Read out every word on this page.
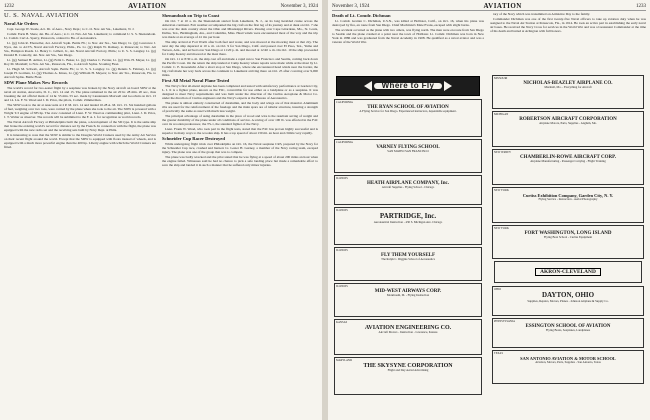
1232	AVIATION	November 3, 1924
U. S. NAVAL AVIATION
Naval Air Orders

Capt. George W. Steele, Act. Dt. of Aero., Navy Dept.; to C. O. Nav. Air Sta., Lakehurst, N. J.

Comdr. Earle B. Shaw, det. Bu. of Aero.; to C. O. Nav. Air Sta. Lakehurst; to command U. S. S. Shenandoah. Lt. Comdr. Carl A. Sperry, Pensacola, ordered to Bu. of Aeronautics.

Lt. (jg) John R. Ebersoller, det. Aircraft Sqdn. Battle Flt.; to Nav. Air Sta., San Diego; Lt. (jg) Lawrence J. Nyce, det. to ACTS, Naval Aircraft Factory, Phila., Pa. Lt. (jg) Ralph W. Ramsey, to Pensacola; to Nav. Air Sta., Hampton Roads. Lt. Henry C. Gilbert, Jr., det. Naval Aircraft Factory, Phila.; to U. S. S. Langley. Lt. (jg) Donald B. Connolly, det. Nav. Air Sta., San Diego.

Lt. (jg) Samuel H. Arthur, Lt. (jg) Felix L. Baker, Lt. (jg) Charles C. Ferrier, Lt. (jg) Wm. H. Meyer, Lt. (jg) Roy M. Marshall; to Nav. Air Sta., Pensacola, Fla., to Aircraft Sqdns. Scouting Fleet.

Lt. Hugh M. Schwab, Aircraft Sqdn. Battle Flt.; to U. S. S. Langley. Lt. (jg) Dennis S. Fahrney, Lt. (jg) Joseph H. Gorman, Lt. (jg) Thomas A. Kines, Lt. (jg) William H. Meyers; to Nav. Air Sta., Pensacola, Fla. to Aircraft Sqdns. Battle Fleet.

SDW Plane Makes New Records

The world's record for two-seater flight by a seaplane was broken by the Navy aircraft on board SDW at the naval air station, Anacostia, D. C., Oct. 14 and 15. The plane remained in the air 20 hr. 28 min. 20 sec., thus breaking the old official mark of 14 hr. 55 min. 55 sec. made by Lieutenants Maxwell and Goodwin on Oct. 13 and 14. Lts. F. W. Wead and J. D. Price, the pilots, Comdr. Zimmerman.

The SDW took to the air at Anacostia at 2 P. M. Oct. 14 and landed 10.28 A. M. Oct. 15. Six hundred gallons of fuel, weighing over two tons, were carried by the plane when she took to the air. The SDW is powered with a Wright T-3 engine of 585 hp. The crew consisted of Lieut. F. W. Wead as commanding pilot, Lieut. J. D. Price, J. T. Walter as observer. The records will be submitted to the F. A. I. for recognition as world records.

The Naval Aircraft Factory at Philadelphia built the plane, a development of the SD type. It is the same ship that broke the existing world's record for distance set by the French. In connection with the flight, the plane was equipped with the new radio set and the receiving sets built by Navy Dept. at Phila.

It is interesting to note that the SDW is similar to the Douglas World Cruisers used by the Army Air Service on their recent flight around the world. Except that the SDW is equipped with floats instead of wheels, and is equipped with a much more powerful engine than the 400 hp. Liberty engine with which the World Cruisers are fitted.

Shenandoah on Trip to Coast

On Oct. 7 at 10 a. m. the Shenandoah started from Lakehurst, N. J., on its long heralded cruise across the American continent. Fair weather accompanied the big craft on the first leg of its journey and at dusk on Oct. 7 she was over the dark country about the Ohio and Mississippi Rivers. Passing over Cape Girardeau, Mo., St. Louis, Dallas, Tex., Birmingham, Ala., and Columbia, Miss. Head winds were encountered most of the way and the trip was made at an average of 41 mi. per hour.

The ship arrived at Fort Worth after both fuel and water, and was moored at the mooring mast at that city. The next day the ship departed at 10 a. m. on Oct. 9 for San Diego, Calif. and passed over El Paso, Tex., Yuma and Tucson, Ariz., and arrived over San Diego at 11:20 p. m. and moored at 12:40 a. m. On Oct. 10 the ship proceeded for Camp Kearny and moored at the mast there.

On Oct. 11 at 8:30 a. m. the ship cast off and made a rapid run to San Francisco and Seattle, coming back down the Pacific Coast. On the return the ship landed at Camp Kearny where repairs were made while at the mast by Lt. Comdr. C. E. Rosendahl. After a short stop at San Diego, where she encountered head winds near the border, the big craft made her way back across the continent to Lakehurst arriving there on Oct. 25 after covering over 9,000 miles.

First All Metal Naval Plane Tested

The Navy's first all-metal airplane has been completed and tested with satisfactory performance at Garden City, L. I. It is a fighter plane, known as the F4C, convertible for use either as a landplane or as a seaplane. It was designed to meet Navy requirements and was built under the direction of the Curtiss Aeroplane & Motor Co. under the direction of Curtiss engineers and the Navy's experts at the Bureau of Aeronautics.

The plane is almost entirely constructed of duralumin, and the body and wings are of that material. Aluminum ribs are used for the reinforcement of the fuselage and the main spars are of tubular structure, insuring a strength of practically the same as steel with much less weight.

The principal advantage of using duralumin in the place of wood and wire is the resultant saving of weight and the greater durability of the plane under all conditions of service. A saving of over 100 lb. was effected in the F4C over its wooden predecessor, the TS-1, the standard fighter of the Navy.

Lieut. Frank W. Wead, who took part in the flight tests, stated that the F4C has proven highly successful and is superior in many ways to the wooden ship. It has a top speed of about 130 mi. an hour and climbs very rapidly.

Schneider Cup Racer Destroyed

While undergoing flight trials over Philadelphia on Oct. 16, the Naval seaplane CR3, prepared by the Navy for the Schneider Cup race, crashed and burned. Lt. Lester H. Gurney, a member of the Navy racing team, escaped injury. The plane was one of the group that was to compete.

The plane was badly wrecked and the pilot stated that he was flying at a speed of about 200 miles an hour when the engine failed. Witnesses said he had no chance to pick a safe landing place but made a remarkable effort to save the ship and landed it in such a manner that he suffered only minor injuries.

November 3, 1924	AVIATION	1233
Death of Lt. Comdr. Dichman

Lt. Comdr. Grattan C. Dichman, U.S.N., was killed at Hollister, Calif., on Oct. 16, when his plane was destroyed by fire, en route from San Diego. Chief Machinist's Mate Evans, escaped with slight burns.

The accident occurred as the plane with two others, was flying north. The men were en route from San Diego to Seattle and the plane crashed at a point near the town of Hollister. Lt. Comdr. Dichman was born in New York in 1886 and was graduated from the Naval Academy in 1908. He qualified as a naval aviator and was a veteran of the World War.

tary of the Navy which was transmitted on Armistice Day to the family.

Commander Dichman was one of the first twenty-five Naval officers to take up aviation duty when he was assigned to the Naval Air Station at Pensacola, Fla., in 1914. He took an active part in establishing the early naval air bases. He received the Navy Cross for services in the World War and was a Lieutenant Commander at the time of his death and buried at Arlington with full honors.

Where to Fly
CALIFORNIA
THE RYAN SCHOOL OF AVIATION
A Flying Service for San Diego. Experienced instructors, dependable equipment.
CALIFORNIA
VARNEY FLYING SCHOOL
SAN MATEO SAN FRANCISCO
ILLINOIS
HEATH AIRPLANE COMPANY, Inc.
Aircraft Supplies - Flying School - Chicago
ILLINOIS
PARTRIDGE, Inc.
Aeronautical Instruction - 430 S. Michigan Ave. Chicago
ILLINOIS
FLY THEM YOURSELF
The Ralph C. Diggins School of Aeronautics
ILLINOIS
MID-WEST AIRWAYS CORP.
Monmouth, Ill. - Flying Instruction
KANSAS
AVIATION ENGINEERING CO.
Aircraft Motors - Instruction - Lawrence, Kansas
MARYLAND
THE SKYSYNE CORPORATION
Flight and Day Aerial Advertising
MISSOURI
NICHOLAS-BEAZLEY AIRPLANE CO.
Marshall, Mo. - Everything for Aircraft
MICHIGAN
ROBERTSON AIRCRAFT CORPORATION
Airplane Motors, Parts, Supplies - Anglum, Mo.
NEW JERSEY
CHAMBERLIN-ROWE AIRCRAFT CORP.
Airplane Manufacturing - Passenger Carrying - Flight Training
NEW YORK
Curtiss Exhibition Company, Garden City, N. Y.
Flying Service - Instruction - Aerial Photography
NEW YORK
FORT WASHINGTON, LONG ISLAND
Flying Boat School - Curtiss Equipment
AKRON-CLEVELAND
OHIO
DAYTON, OHIO
Supplies, Repairs, Motors, Planes - Johnson Airplane & Supply Co.
PENNSYLVANIA
ESSINGTON SCHOOL OF AVIATION
Flying Boats, Seaplanes, Landplanes
TEXAS
SAN ANTONIO AVIATION & MOTOR SCHOOL
Aviation, Motors, Parts, Supplies - San Antonio, Texas
